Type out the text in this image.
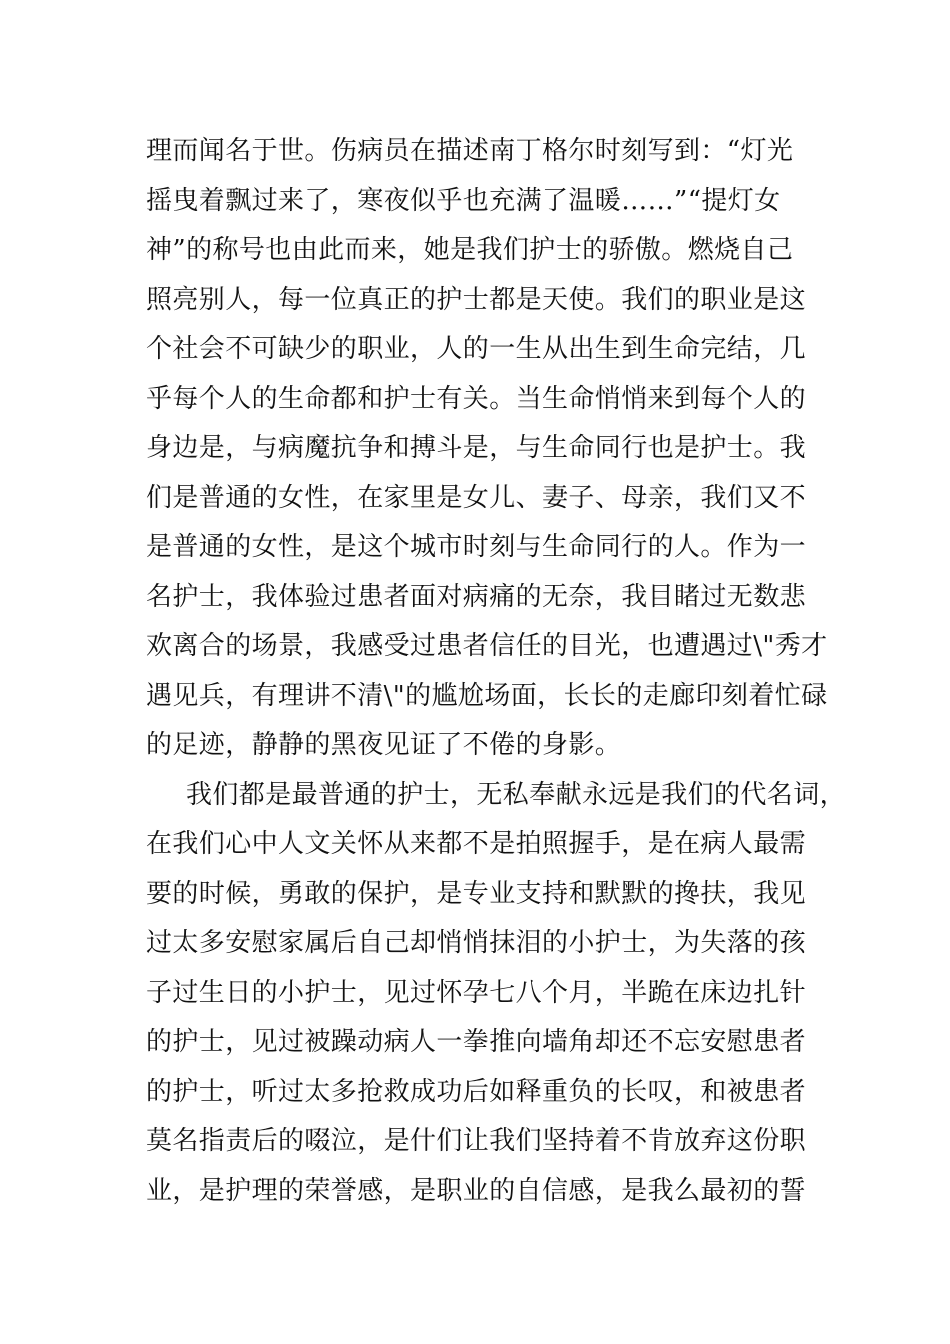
理而闻名于世。伤病员在描述南丁格尔时刻写到：“灯光
摇曳着飘过来了，寒夜似乎也充满了温暖……”“提灯女
神”的称号也由此而来，她是我们护士的骄傲。燃烧自己
照亮别人，每一位真正的护士都是天使。我们的职业是这
个社会不可缺少的职业，人的一生从出生到生命完结，几
乎每个人的生命都和护士有关。当生命悄悄来到每个人的
身边是，与病魔抗争和搏斗是，与生命同行也是护士。我
们是普通的女性，在家里是女儿、妻子、母亲，我们又不
是普通的女性，是这个城市时刻与生命同行的人。作为一
名护士，我体验过患者面对病痛的无奈，我目睹过无数悲
欢离合的场景，我感受过患者信任的目光，也遭遇过\"秀才
遇见兵，有理讲不清\"的尴尬场面，长长的走廊印刻着忙碌
的足迹，静静的黑夜见证了不倦的身影。
我们都是最普通的护士，无私奉献永远是我们的代名词，
在我们心中人文关怀从来都不是拍照握手，是在病人最需
要的时候，勇敢的保护，是专业支持和默默的搀扶，我见
过太多安慰家属后自己却悄悄抹泪的小护士，为失落的孩
子过生日的小护士，见过怀孕七八个月，半跪在床边扎针
的护士，见过被躁动病人一拳推向墙角却还不忘安慰患者
的护士，听过太多抢救成功后如释重负的长叹，和被患者
莫名指责后的啜泣，是什们让我们坚持着不肯放弃这份职
业，是护理的荣誉感，是职业的自信感，是我么最初的誓
